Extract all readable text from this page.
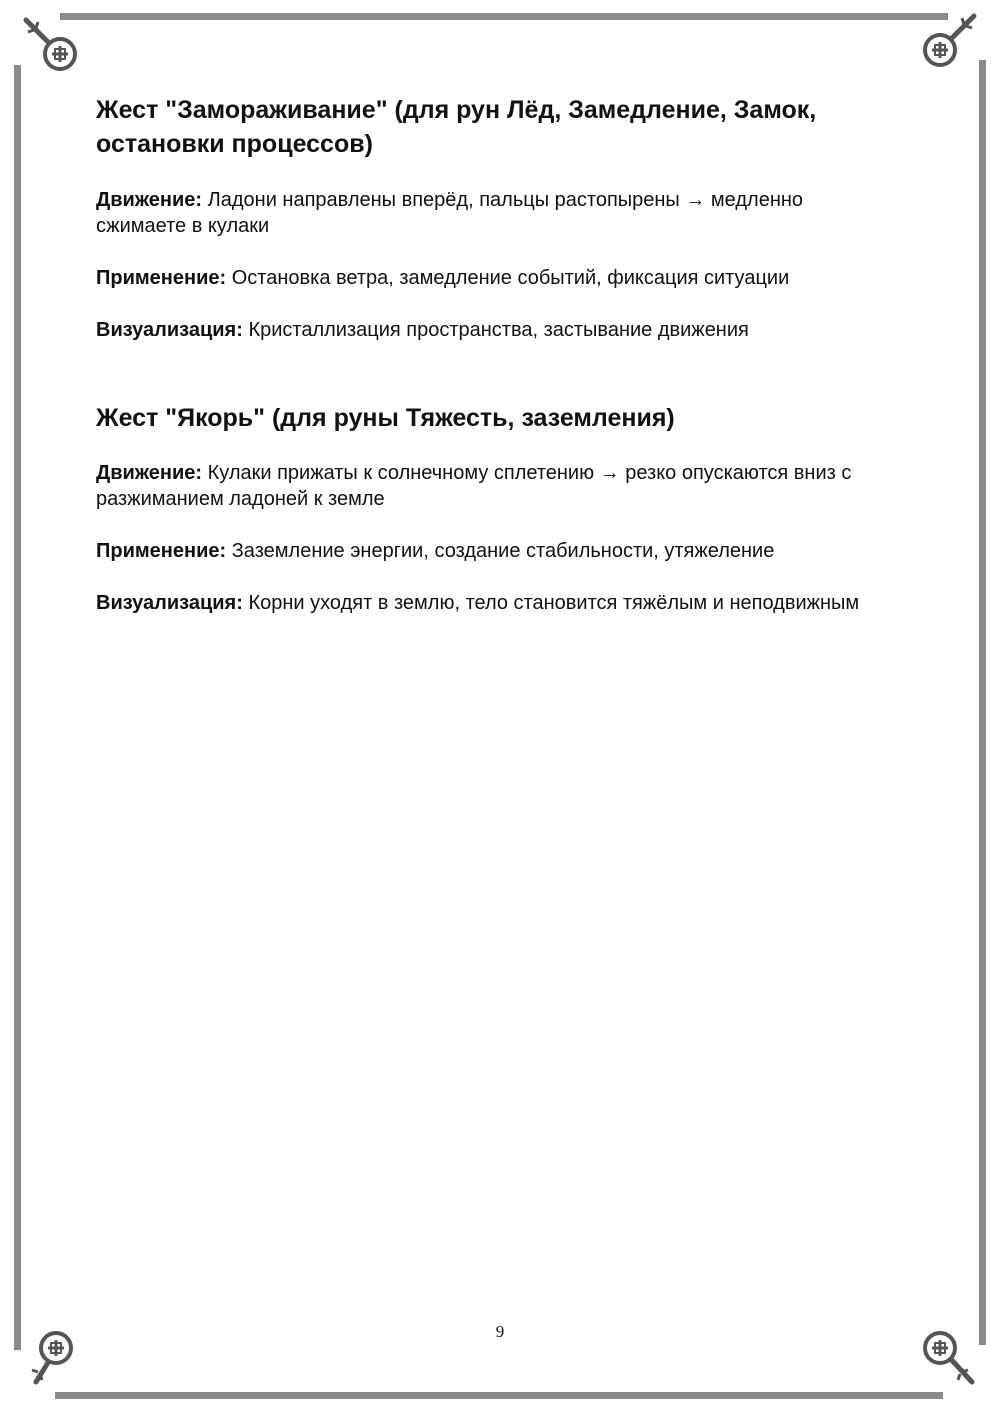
Жест "Замораживание" (для рун Лёд, Замедление, Замок, остановки процессов)

Движение: Ладони направлены вперёд, пальцы растопырены → медленно сжимаете в кулаки

Применение: Остановка ветра, замедление событий, фиксация ситуации

Визуализация: Кристаллизация пространства, застывание движения

Жест "Якорь" (для руны Тяжесть, заземления)

Движение: Кулаки прижаты к солнечному сплетению → резко опускаются вниз с разжиманием ладоней к земле

Применение: Заземление энергии, создание стабильности, утяжеление

Визуализация: Корни уходят в землю, тело становится тяжёлым и неподвижным

9
